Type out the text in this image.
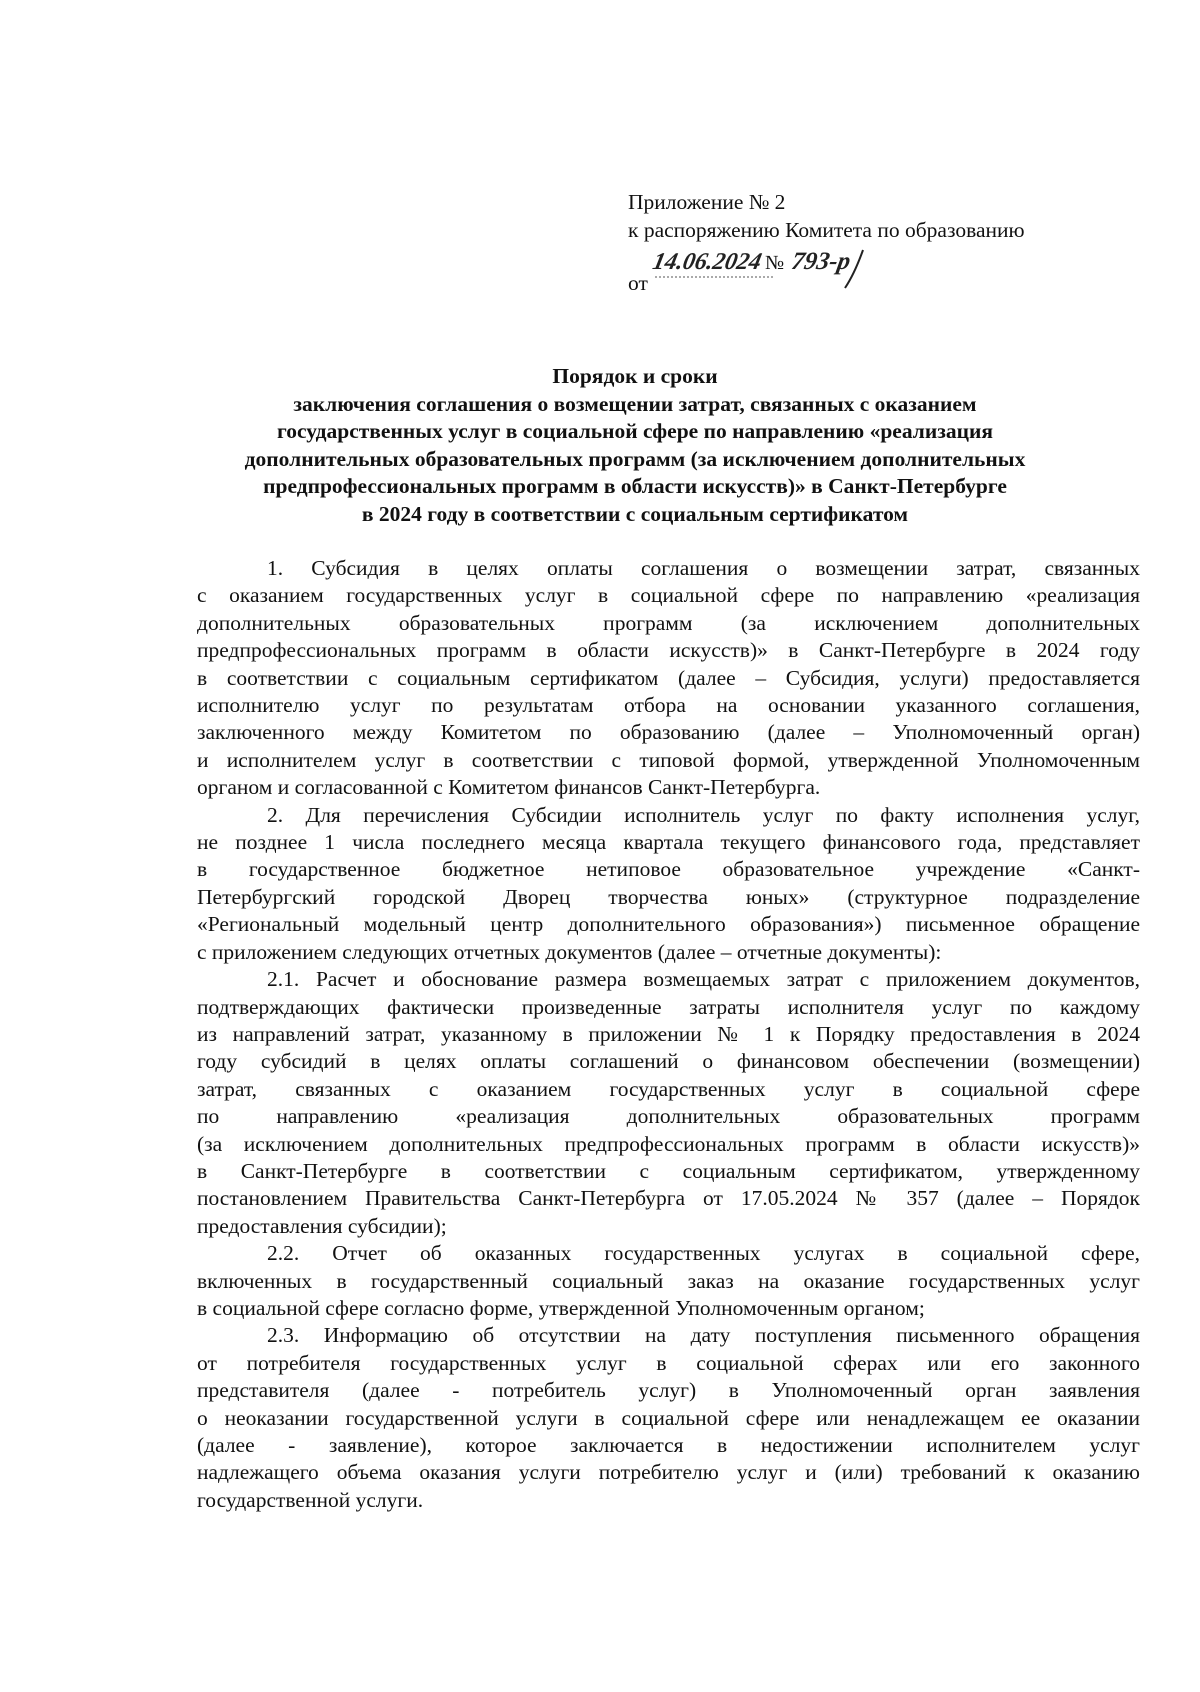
Приложение № 2
к распоряжению Комитета по образованию
от
14.06.2024 № 793-р
Порядок и сроки
заключения соглашения о возмещении затрат, связанных с оказанием
государственных услуг в социальной сфере по направлению «реализация
дополнительных образовательных программ (за исключением дополнительных
предпрофессиональных программ в области искусств)» в Санкт-Петербурге
в 2024 году в соответствии с социальным сертификатом

1. Субсидия в целях оплаты соглашения о возмещении затрат, связанных
с оказанием государственных услуг в социальной сфере по направлению «реализация
дополнительных образовательных программ (за исключением дополнительных
предпрофессиональных программ в области искусств)» в Санкт-Петербурге в 2024 году
в соответствии с социальным сертификатом (далее – Субсидия, услуги) предоставляется
исполнителю услуг по результатам отбора на основании указанного соглашения,
заключенного между Комитетом по образованию (далее – Уполномоченный орган)
и исполнителем услуг в соответствии с типовой формой, утвержденной Уполномоченным
органом и согласованной с Комитетом финансов Санкт-Петербурга.

2. Для перечисления Субсидии исполнитель услуг по факту исполнения услуг,
не позднее 1 числа последнего месяца квартала текущего финансового года, представляет
в государственное бюджетное нетиповое образовательное учреждение «Санкт-
Петербургский городской Дворец творчества юных» (структурное подразделение
«Региональный модельный центр дополнительного образования») письменное обращение
с приложением следующих отчетных документов (далее – отчетные документы):

2.1. Расчет и обоснование размера возмещаемых затрат с приложением документов,
подтверждающих фактически произведенные затраты исполнителя услуг по каждому
из направлений затрат, указанному в приложении № 1 к Порядку предоставления в 2024
году субсидий в целях оплаты соглашений о финансовом обеспечении (возмещении)
затрат, связанных с оказанием государственных услуг в социальной сфере
по направлению «реализация дополнительных образовательных программ
(за исключением дополнительных предпрофессиональных программ в области искусств)»
в Санкт-Петербурге в соответствии с социальным сертификатом, утвержденному
постановлением Правительства Санкт-Петербурга от 17.05.2024 № 357 (далее – Порядок
предоставления субсидии);

2.2. Отчет об оказанных государственных услугах в социальной сфере,
включенных в государственный социальный заказ на оказание государственных услуг
в социальной сфере согласно форме, утвержденной Уполномоченным органом;

2.3. Информацию об отсутствии на дату поступления письменного обращения
от потребителя государственных услуг в социальной сферах или его законного
представителя (далее - потребитель услуг) в Уполномоченный орган заявления
о неоказании государственной услуги в социальной сфере или ненадлежащем ее оказании
(далее - заявление), которое заключается в недостижении исполнителем услуг
надлежащего объема оказания услуги потребителю услуг и (или) требований к оказанию
государственной услуги.
